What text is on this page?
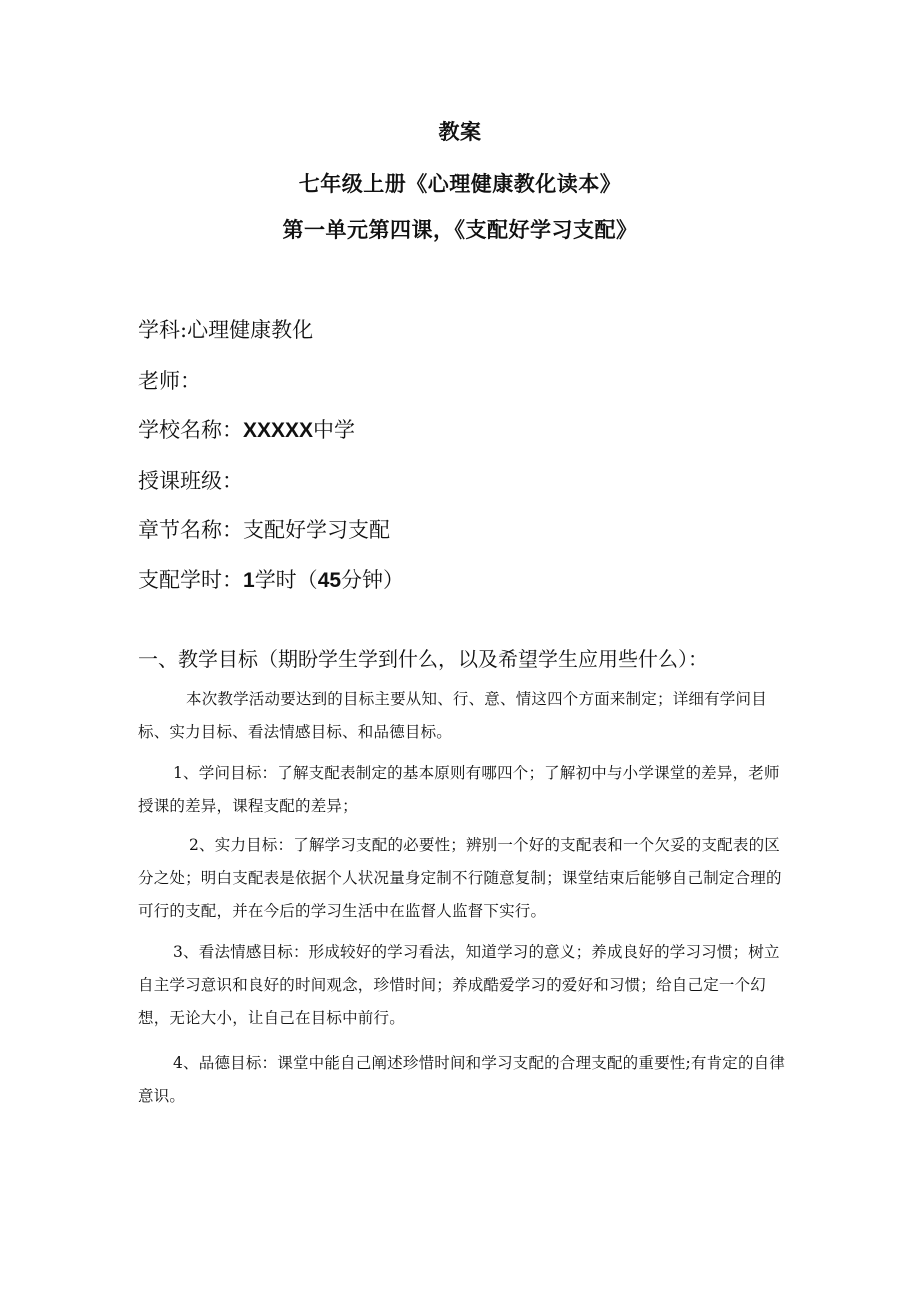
教案
七年级上册《心理健康教化读本》
第一单元第四课，《支配好学习支配》
学科:心理健康教化
老师：
学校名称：XXXXX中学
授课班级：
章节名称：支配好学习支配
支配学时：1学时（45分钟）
一、教学目标（期盼学生学到什么，以及希望学生应用些什么）：
本次教学活动要达到的目标主要从知、行、意、情这四个方面来制定；详细有学问目标、实力目标、看法情感目标、和品德目标。
1、学问目标：了解支配表制定的基本原则有哪四个；了解初中与小学课堂的差异，老师授课的差异，课程支配的差异；
2、实力目标：了解学习支配的必要性；辨别一个好的支配表和一个欠妥的支配表的区分之处；明白支配表是依据个人状况量身定制不行随意复制；课堂结束后能够自己制定合理的可行的支配，并在今后的学习生活中在监督人监督下实行。
3、看法情感目标：形成较好的学习看法，知道学习的意义；养成良好的学习习惯；树立自主学习意识和良好的时间观念，珍惜时间；养成酷爱学习的爱好和习惯；给自己定一个幻想，无论大小，让自己在目标中前行。
4、品德目标：课堂中能自己阐述珍惜时间和学习支配的合理支配的重要性;有肯定的自律意识。
